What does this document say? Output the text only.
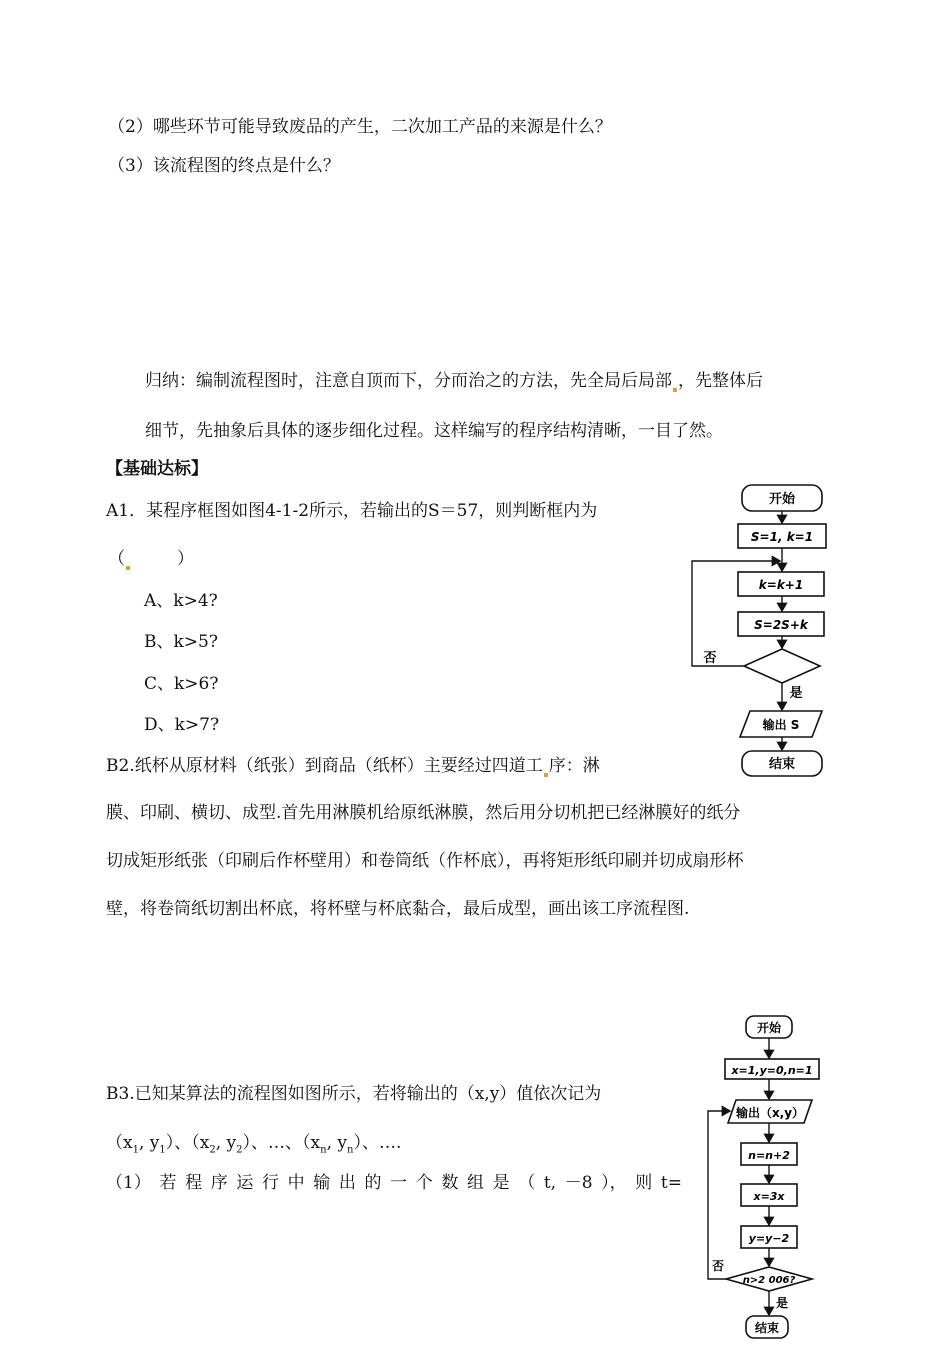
（2）哪些环节可能导致废品的产生，二次加工产品的来源是什么？
（3）该流程图的终点是什么？
归纳：编制流程图时，注意自顶而下，分而治之的方法，先全局后局部 ，先整体后
细节，先抽象后具体的逐步细化过程。这样编写的程序结构清晰，一目了然。
【基础达标】
A1．某程序框图如图4-1-2所示，若输出的S＝57，则判断框内为
（	）
A、k>4?
B、k>5?
C、k>6?
D、k>7?
开始
S=1, k=1
k=k+1
S=2S+k
否
是
输出 S
结束
B2.纸杯从原材料（纸张）到商品（纸杯）主要经过四道工 序：淋
膜、印刷、横切、成型.首先用淋膜机给原纸淋膜，然后用分切机把已经淋膜好的纸分
切成矩形纸张（印刷后作杯壁用）和卷筒纸（作杯底），再将矩形纸印刷并切成扇形杯
壁，将卷筒纸切割出杯底，将杯壁与杯底黏合，最后成型，画出该工序流程图.
开始
x=1,y=0,n=1
输出（x,y）
n=n+2
x=3x
y=y−2
n>2 006?
否
是
结束
B3.已知某算法的流程图如图所示，若将输出的（x,y）值依次记为
（$x_1$, $y_1$）、（$x_2$, $y_2$）、…、（$x_n$, $y_n$）、….
（1） 若 程 序 运 行 中 输 出 的 一 个 数 组 是 （ t, －8 ）， 则 t=
